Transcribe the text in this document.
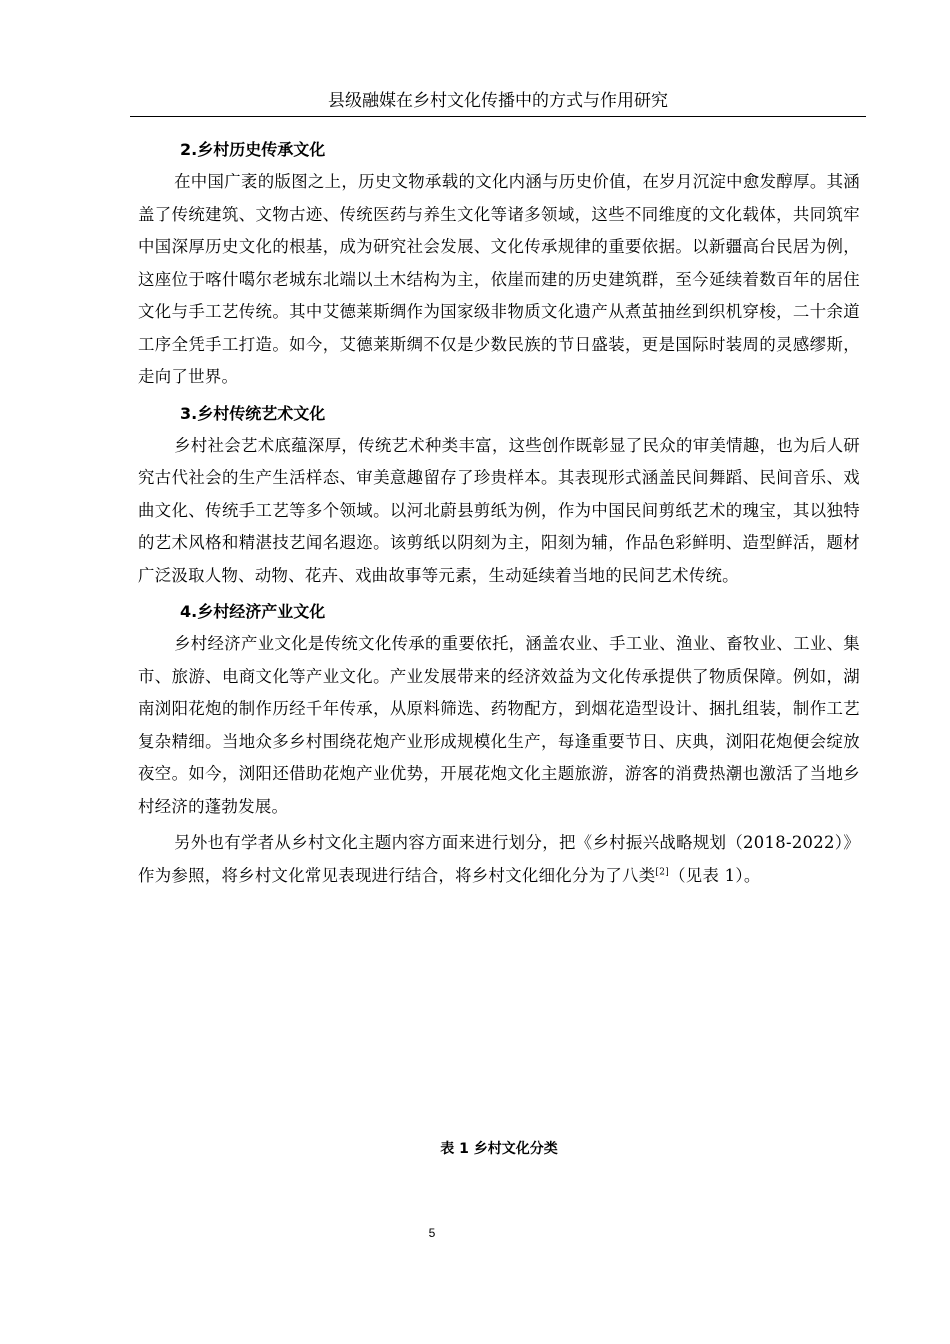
县级融媒在乡村文化传播中的方式与作用研究
2.乡村历史传承文化

在中国广袤的版图之上，历史文物承载的文化内涵与历史价值，在岁月沉淀中愈发醇厚。其涵盖了传统建筑、文物古迹、传统医药与养生文化等诸多领域，这些不同维度的文化载体，共同筑牢中国深厚历史文化的根基，成为研究社会发展、文化传承规律的重要依据。以新疆高台民居为例，这座位于喀什噶尔老城东北端以土木结构为主，依崖而建的历史建筑群，至今延续着数百年的居住文化与手工艺传统。其中艾德莱斯绸作为国家级非物质文化遗产从煮茧抽丝到织机穿梭，二十余道工序全凭手工打造。如今，艾德莱斯绸不仅是少数民族的节日盛装，更是国际时装周的灵感缪斯，走向了世界。

3.乡村传统艺术文化

乡村社会艺术底蕴深厚，传统艺术种类丰富，这些创作既彰显了民众的审美情趣，也为后人研究古代社会的生产生活样态、审美意趣留存了珍贵样本。其表现形式涵盖民间舞蹈、民间音乐、戏曲文化、传统手工艺等多个领域。以河北蔚县剪纸为例，作为中国民间剪纸艺术的瑰宝，其以独特的艺术风格和精湛技艺闻名遐迩。该剪纸以阴刻为主，阳刻为辅，作品色彩鲜明、造型鲜活，题材广泛汲取人物、动物、花卉、戏曲故事等元素，生动延续着当地的民间艺术传统。

4.乡村经济产业文化

乡村经济产业文化是传统文化传承的重要依托，涵盖农业、手工业、渔业、畜牧业、工业、集市、旅游、电商文化等产业文化。产业发展带来的经济效益为文化传承提供了物质保障。例如，湖南浏阳花炮的制作历经千年传承，从原料筛选、药物配方，到烟花造型设计、捆扎组装，制作工艺复杂精细。当地众多乡村围绕花炮产业形成规模化生产，每逢重要节日、庆典，浏阳花炮便会绽放夜空。如今，浏阳还借助花炮产业优势，开展花炮文化主题旅游，游客的消费热潮也激活了当地乡村经济的蓬勃发展。

另外也有学者从乡村文化主题内容方面来进行划分，把《乡村振兴战略规划（2018-2022）》作为参照，将乡村文化常见表现进行结合，将乡村文化细化分为了八类[2]（见表 1）。

表 1 乡村文化分类
5
